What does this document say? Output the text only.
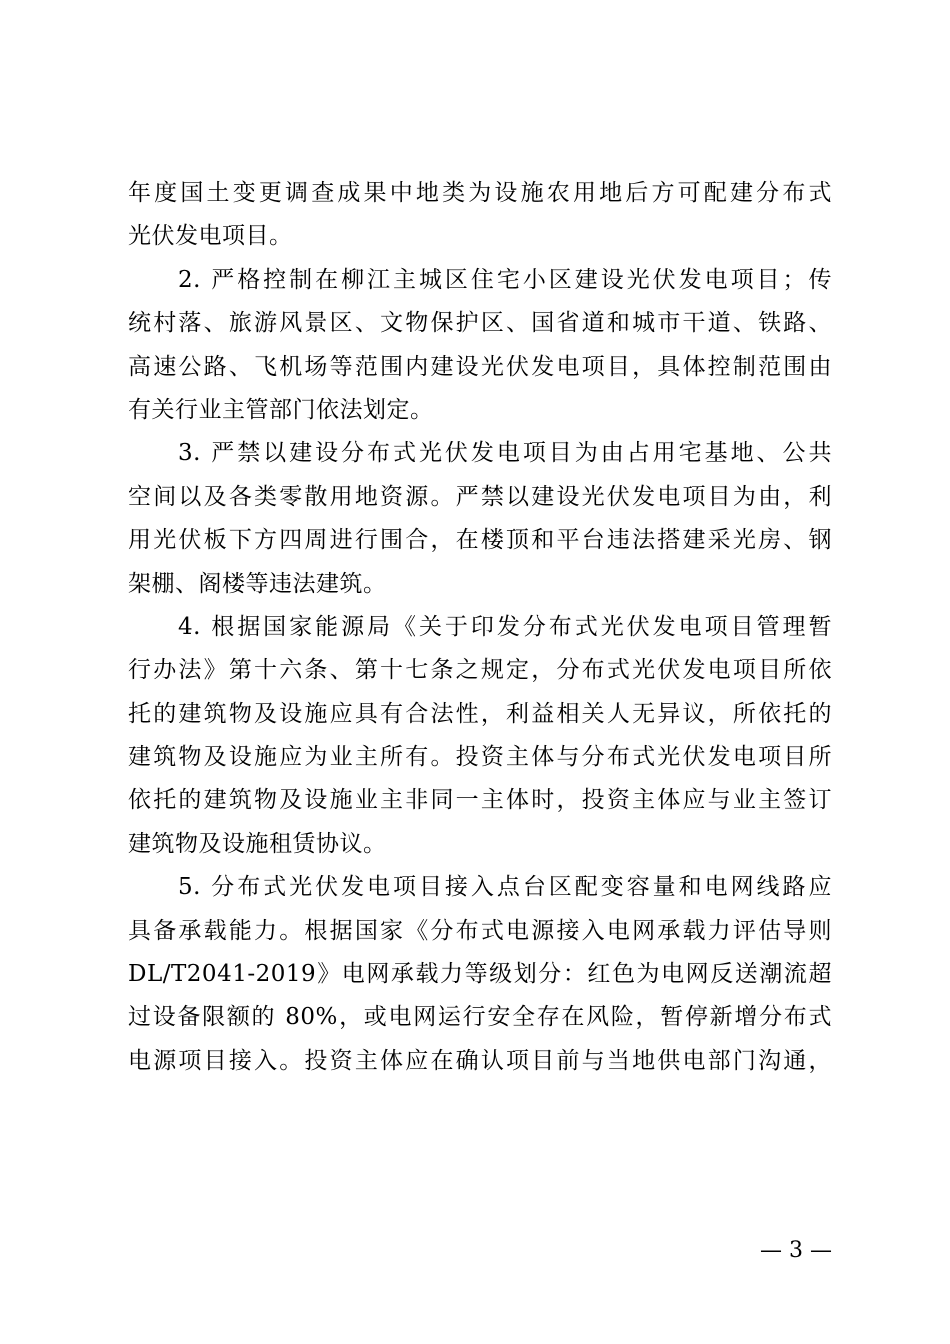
年度国土变更调查成果中地类为设施农用地后方可配建分布式
光伏发电项目。
2. 严格控制在柳江主城区住宅小区建设光伏发电项目；传
统村落、旅游风景区、文物保护区、国省道和城市干道、铁路、
高速公路、飞机场等范围内建设光伏发电项目，具体控制范围由
有关行业主管部门依法划定。
3. 严禁以建设分布式光伏发电项目为由占用宅基地、公共
空间以及各类零散用地资源。严禁以建设光伏发电项目为由，利
用光伏板下方四周进行围合，在楼顶和平台违法搭建采光房、钢
架棚、阁楼等违法建筑。
4. 根据国家能源局《关于印发分布式光伏发电项目管理暂
行办法》第十六条、第十七条之规定，分布式光伏发电项目所依
托的建筑物及设施应具有合法性，利益相关人无异议，所依托的
建筑物及设施应为业主所有。投资主体与分布式光伏发电项目所
依托的建筑物及设施业主非同一主体时，投资主体应与业主签订
建筑物及设施租赁协议。
5. 分布式光伏发电项目接入点台区配变容量和电网线路应
具备承载能力。根据国家《分布式电源接入电网承载力评估导则
DL/T2041-2019》电网承载力等级划分：红色为电网反送潮流超
过设备限额的 80%，或电网运行安全存在风险，暂停新增分布式
电源项目接入。投资主体应在确认项目前与当地供电部门沟通，
— 3 —
